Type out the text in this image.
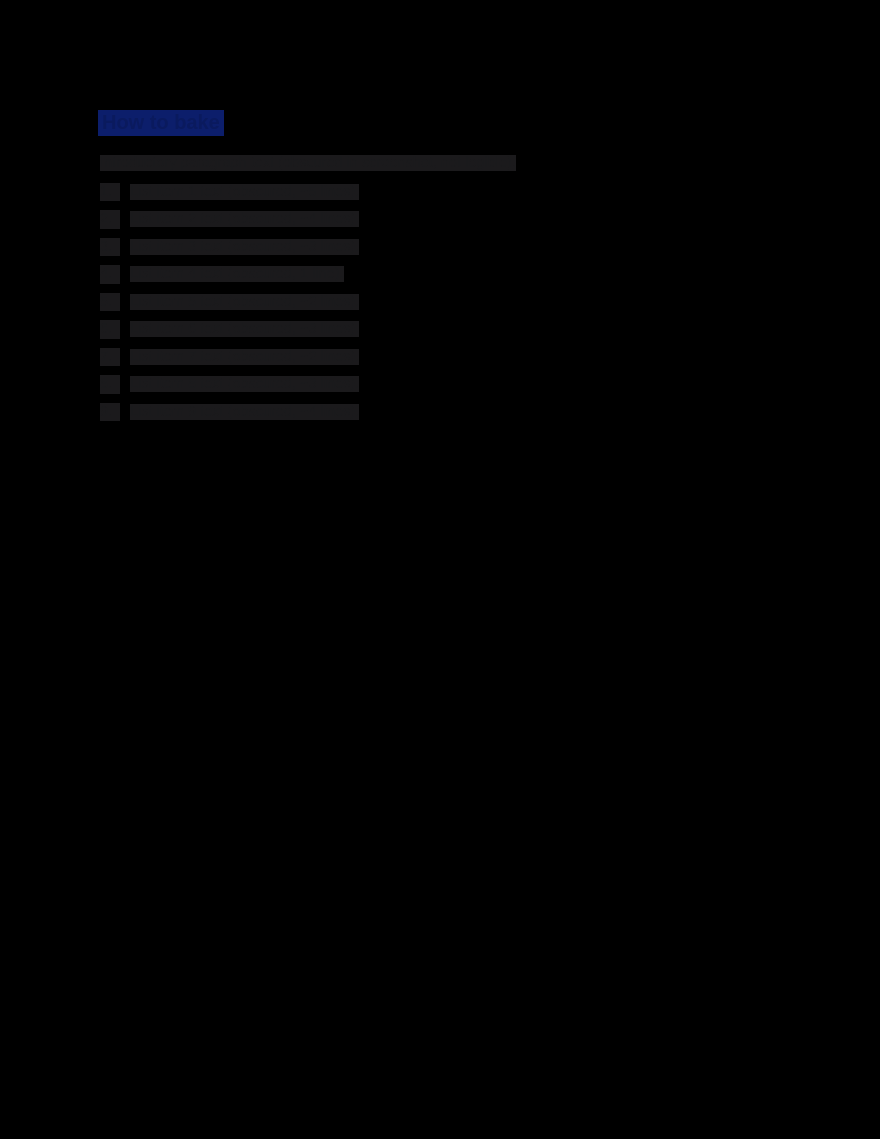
How to bake

Introductory paragraph text (obscured in screenshot, not legible).

1.	List item 1 text (obscured, ~5 lines).
2.	List item 2 text (obscured, ~4 lines).
3.	List item 3 text (obscured, ~3 lines).
4.	List item 4 text (obscured, 1 line).
5.	List item 5 text (obscured, ~2 lines).
6.	List item 6 text (obscured, ~3 lines).
7.	List item 7 text (obscured, ~2 lines).
8.	List item 8 text (obscured, ~3 lines).
9.	List item 9 text (obscured, ~4 lines).
